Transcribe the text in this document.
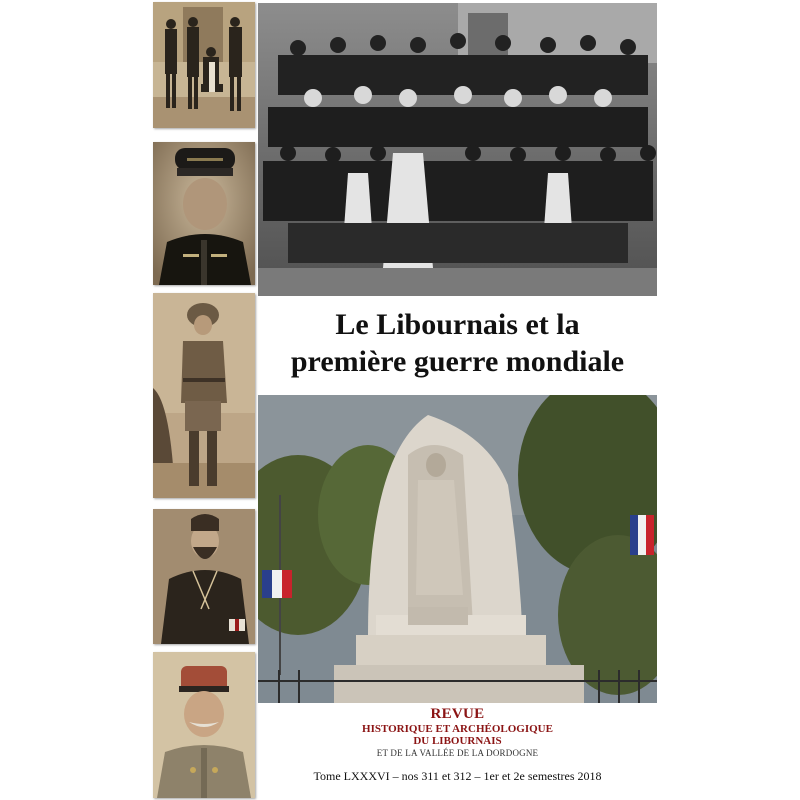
Le Libournais et la
première guerre mondiale
REVUE
HISTORIQUE ET ARCHÉOLOGIQUE
DU LIBOURNAIS
ET DE LA VALLÉE DE LA DORDOGNE
Tome LXXXVI – nos 311 et 312 – 1er et 2e semestres 2018
